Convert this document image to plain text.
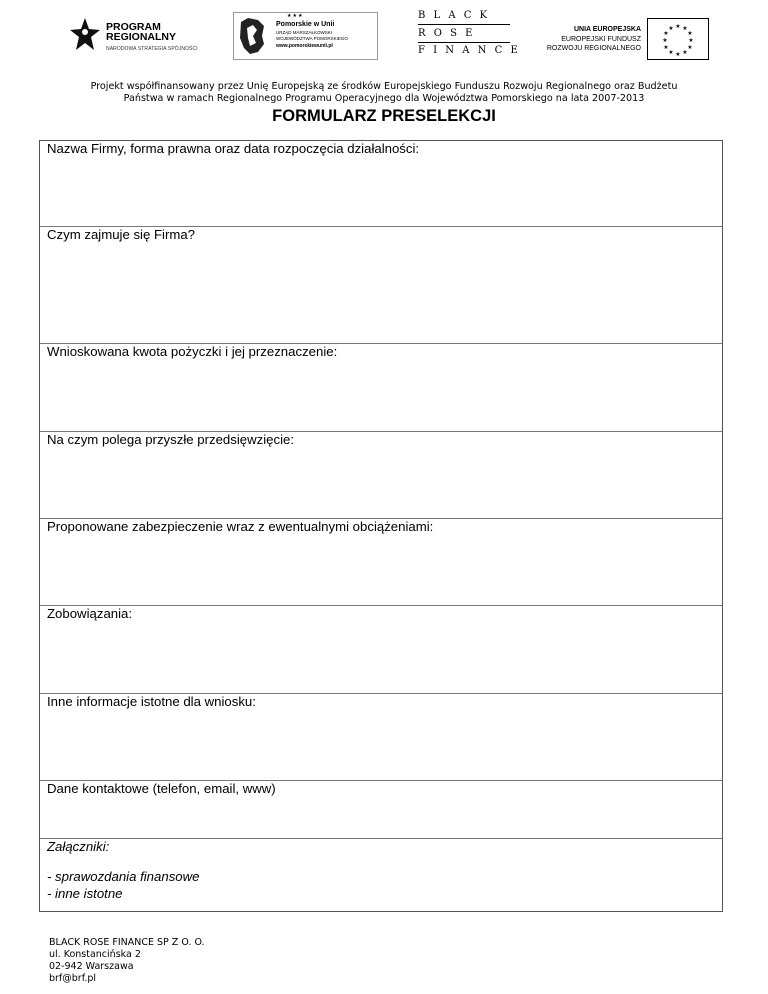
PROGRAM
REGIONALNY
NARODOWA STRATEGIA SPÓJNOŚCI
★★★
Pomorskie w Unii
URZĄD MARSZAŁKOWSKI
WOJEWÓDZTWA POMORSKIEGO
www.pomorskiewunii.pl
BLACK
ROSE
FINANCE
UNIA EUROPEJSKA
EUROPEJSKI FUNDUSZ
ROZWOJU REGIONALNEGO
★ ★
★
★
★
★
★
★
★
★
★
★
Projekt współfinansowany przez Unię Europejską ze środków Europejskiego Funduszu Rozwoju Regionalnego oraz Budżetu
Państwa w ramach Regionalnego Programu Operacyjnego dla Województwa Pomorskiego na lata 2007-2013
FORMULARZ PRESELEKCJI
Nazwa Firmy, forma prawna oraz data rozpoczęcia działalności:
Czym zajmuje się Firma?
Wnioskowana kwota pożyczki i jej przeznaczenie:
Na czym polega przyszłe przedsięwzięcie:
Proponowane zabezpieczenie wraz z ewentualnymi obciążeniami:
Zobowiązania:
Inne informacje istotne dla wniosku:
Dane kontaktowe (telefon, email, www)
Załączniki:
- sprawozdania finansowe
- inne istotne
BLACK ROSE FINANCE SP Z O. O.
ul. Konstancińska 2
02-942 Warszawa
brf@brf.pl
